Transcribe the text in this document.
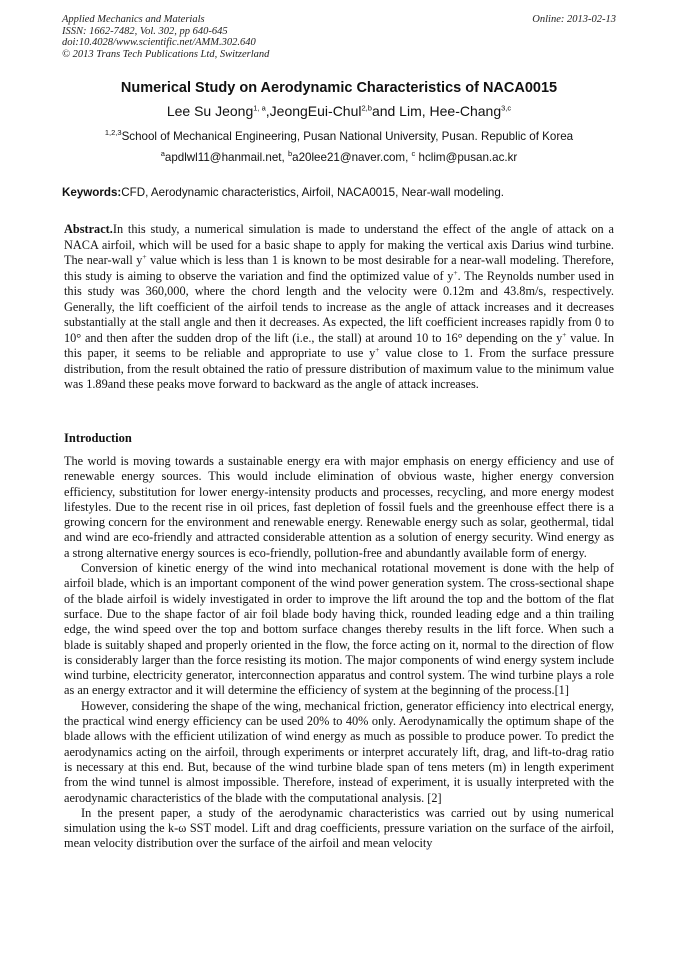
Applied Mechanics and Materials
ISSN: 1662-7482, Vol. 302, pp 640-645
doi:10.4028/www.scientific.net/AMM.302.640
© 2013 Trans Tech Publications Ltd, Switzerland
Online: 2013-02-13
Numerical Study on Aerodynamic Characteristics of NACA0015
Lee Su Jeong$^{1, a}$,JeongEui-Chul$^{2,b}$and Lim, Hee-Chang$^{3,c}$
$^{1,2,3}$School of Mechanical Engineering, Pusan National University, Pusan. Republic of Korea
$^a$apdlwl11@hanmail.net, $^b$a20lee21@naver.com, $^c$ hclim@pusan.ac.kr
Keywords:CFD, Aerodynamic characteristics, Airfoil, NACA0015, Near-wall modeling.
Abstract.In this study, a numerical simulation is made to understand the effect of the angle of attack on a NACA airfoil, which will be used for a basic shape to apply for making the vertical axis Darius wind turbine. The near-wall y+ value which is less than 1 is known to be most desirable for a near-wall modeling. Therefore, this study is aiming to observe the variation and find the optimized value of y+. The Reynolds number used in this study was 360,000, where the chord length and the velocity were 0.12m and 43.8m/s, respectively. Generally, the lift coefficient of the airfoil tends to increase as the angle of attack increases and it decreases substantially at the stall angle and then it decreases. As expected, the lift coefficient increases rapidly from 0 to 10° and then after the sudden drop of the lift (i.e., the stall) at around 10 to 16° depending on the y+ value. In this paper, it seems to be reliable and appropriate to use y+ value close to 1. From the surface pressure distribution, from the result obtained the ratio of pressure distribution of maximum value to the minimum value was 1.89and these peaks move forward to backward as the angle of attack increases.
Introduction

The world is moving towards a sustainable energy era with major emphasis on energy efficiency and use of renewable energy sources. This would include elimination of obvious waste, higher energy conversion efficiency, substitution for lower energy-intensity products and processes, recycling, and more energy modest lifestyles. Due to the recent rise in oil prices, fast depletion of fossil fuels and the greenhouse effect there is a growing concern for the environment and renewable energy. Renewable energy such as solar, geothermal, tidal and wind are eco-friendly and attracted considerable attention as a solution of energy security. Wind energy as a strong alternative energy sources is eco-friendly, pollution-free and abundantly available form of energy.

Conversion of kinetic energy of the wind into mechanical rotational movement is done with the help of airfoil blade, which is an important component of the wind power generation system. The cross-sectional shape of the blade airfoil is widely investigated in order to improve the lift around the top and the bottom of the flat surface. Due to the shape factor of air foil blade body having thick, rounded leading edge and a thin trailing edge, the wind speed over the top and bottom surface changes thereby results in the lift force. When such a blade is suitably shaped and properly oriented in the flow, the force acting on it, normal to the direction of flow is considerably larger than the force resisting its motion. The major components of wind energy system include wind turbine, electricity generator, interconnection apparatus and control system. The wind turbine plays a role as an energy extractor and it will determine the efficiency of system at the beginning of the process.[1]

However, considering the shape of the wing, mechanical friction, generator efficiency into electrical energy, the practical wind energy efficiency can be used 20% to 40% only. Aerodynamically the optimum shape of the blade allows with the efficient utilization of wind energy as much as possible to produce power. To predict the aerodynamics acting on the airfoil, through experiments or interpret accurately lift, drag, and lift-to-drag ratio is necessary at this end. But, because of the wind turbine blade span of tens meters (m) in length experiment from the wind tunnel is almost impossible. Therefore, instead of experiment, it is usually interpreted with the aerodynamic characteristics of the blade with the computational analysis. [2]

In the present paper, a study of the aerodynamic characteristics was carried out by using numerical simulation using the k-ω SST model. Lift and drag coefficients, pressure variation on the surface of the airfoil, mean velocity distribution over the surface of the airfoil and mean velocity
